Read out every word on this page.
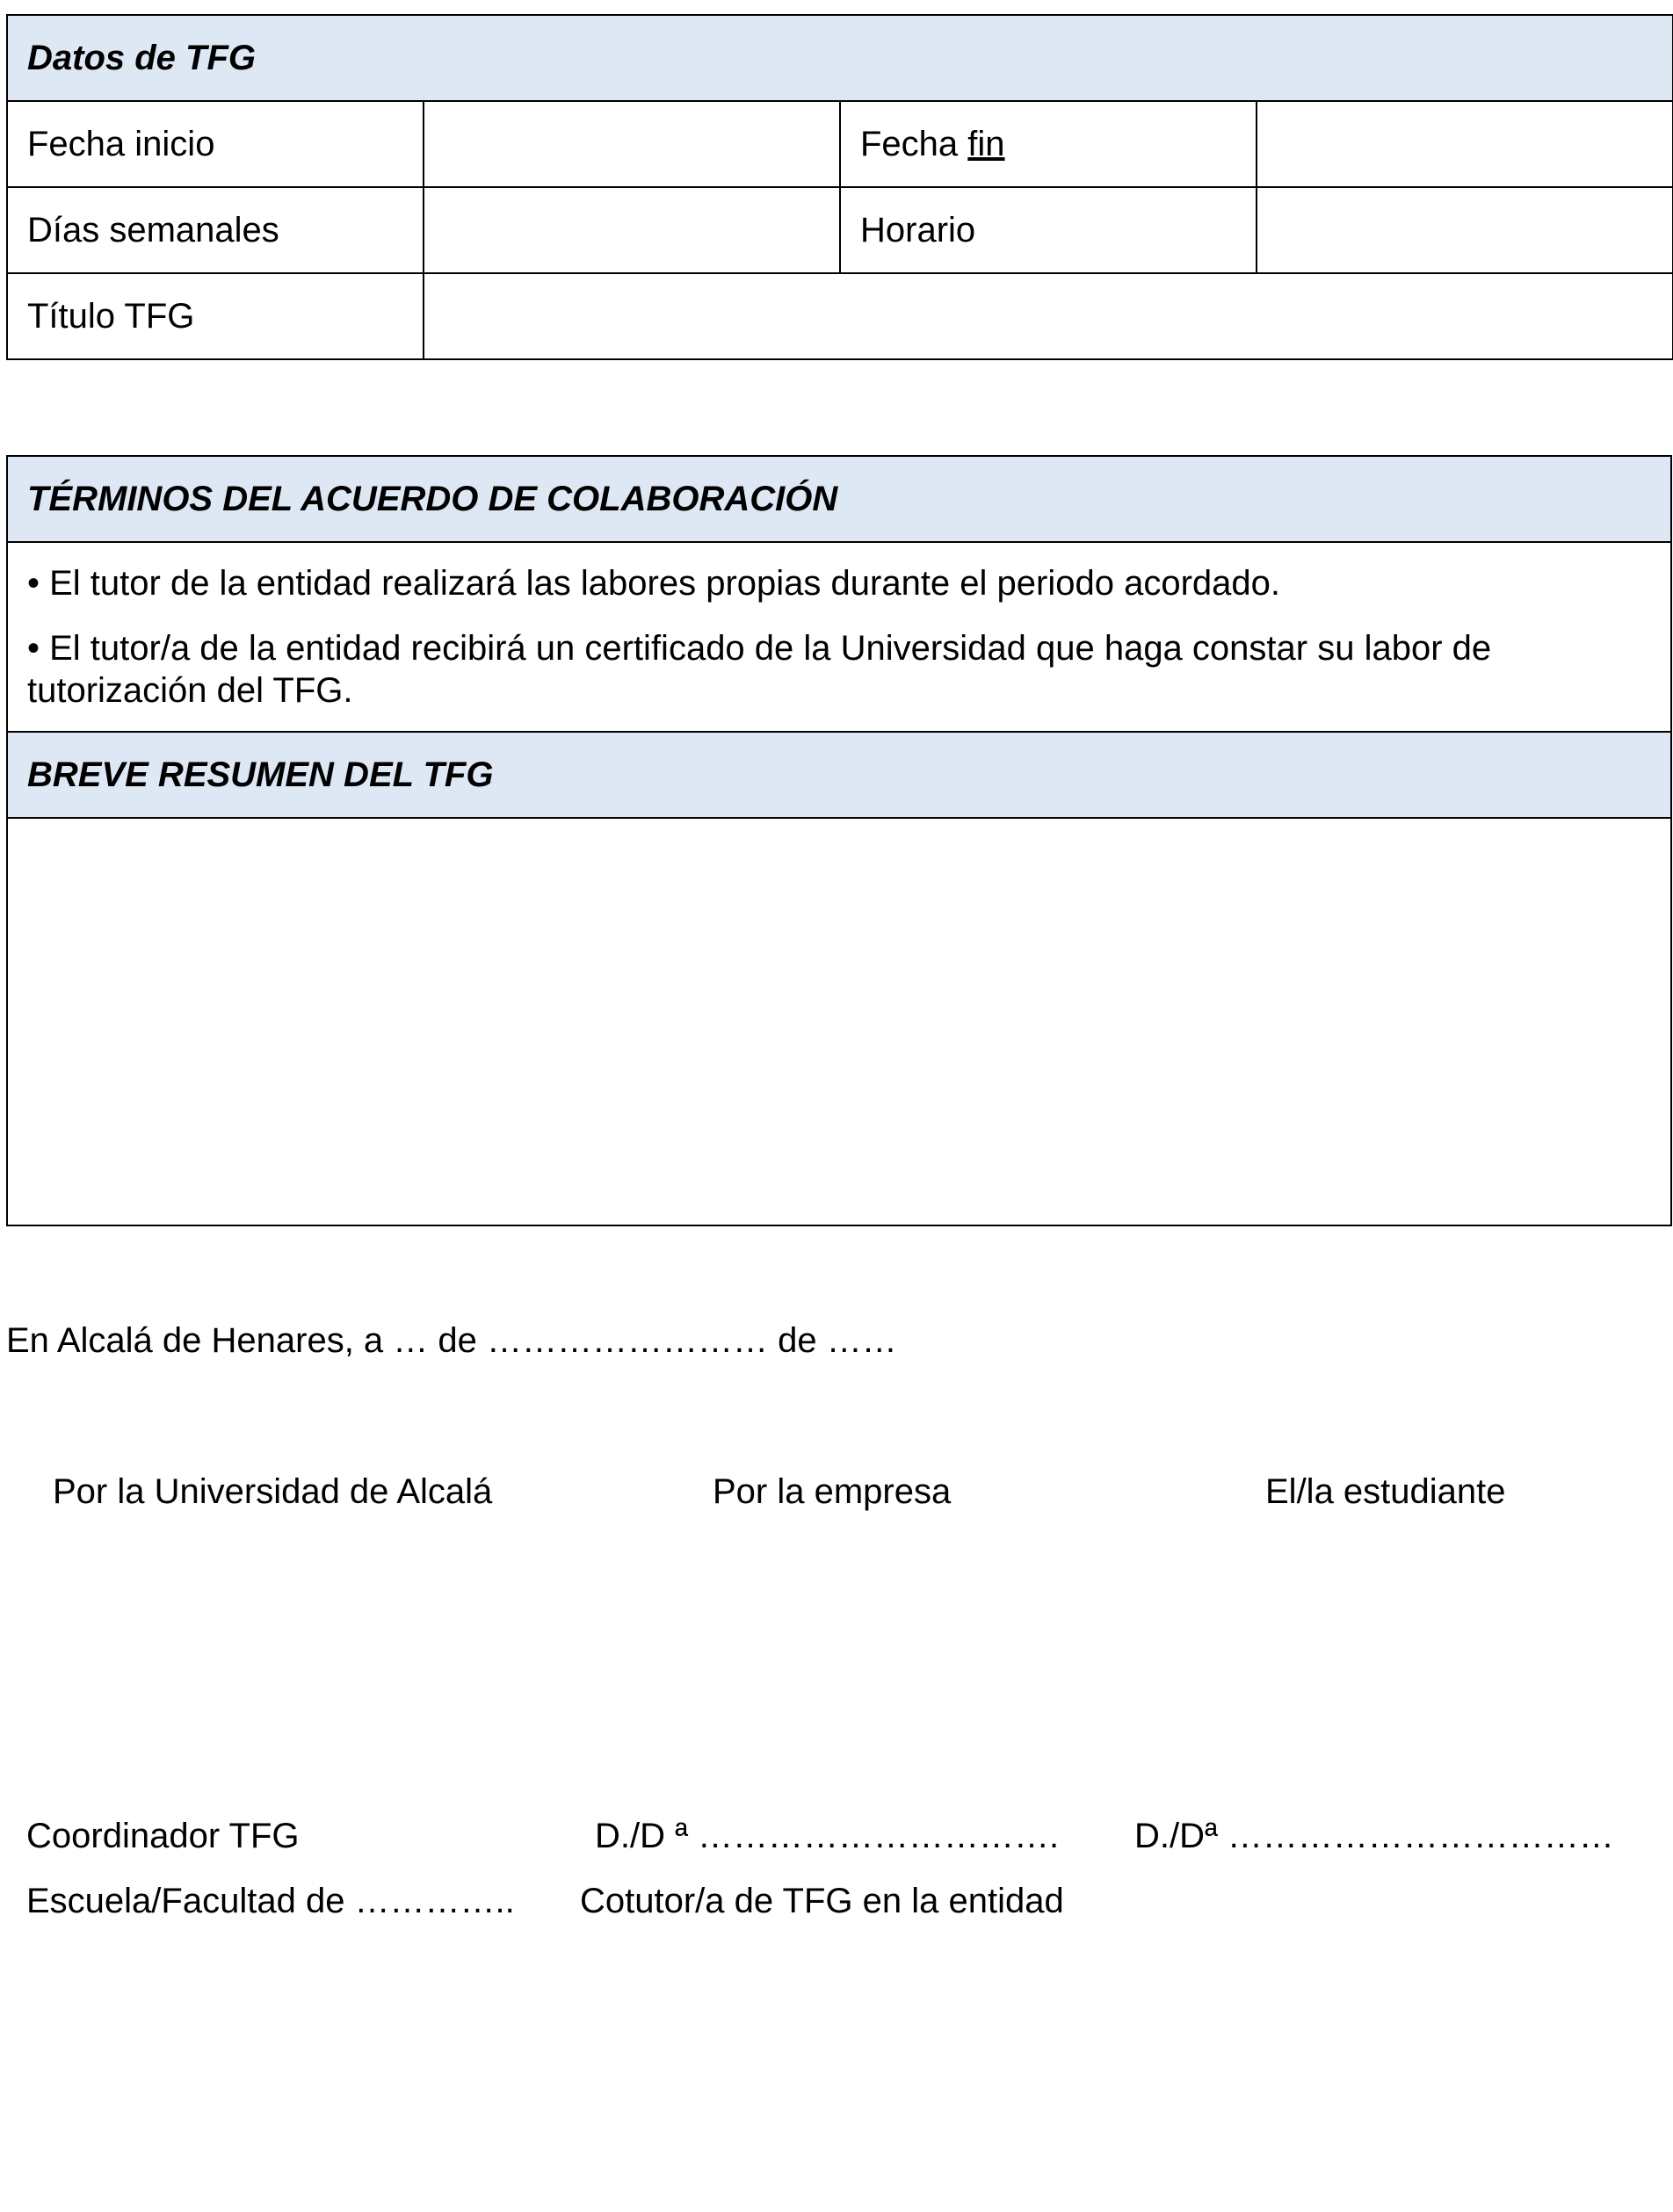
Datos de TFG			
Fecha inicio		Fecha fin	
Días semanales		Horario	
Título TFG			
TÉRMINOS DEL ACUERDO DE COLABORACIÓN

• El tutor de la entidad realizará las labores propias durante el periodo acordado.

• El tutor/a de la entidad recibirá un certificado de la Universidad que haga constar su labor de tutorización del TFG.

BREVE RESUMEN DEL TFG

En Alcalá de Henares, a … de …………………… de ……
Por la Universidad de Alcalá	Por la empresa	El/la estudiante
Coordinador TFG	D./D ª …………………………. D./Dª ……………………………
Escuela/Facultad de ………….. Cotutor/a de TFG en la entidad
